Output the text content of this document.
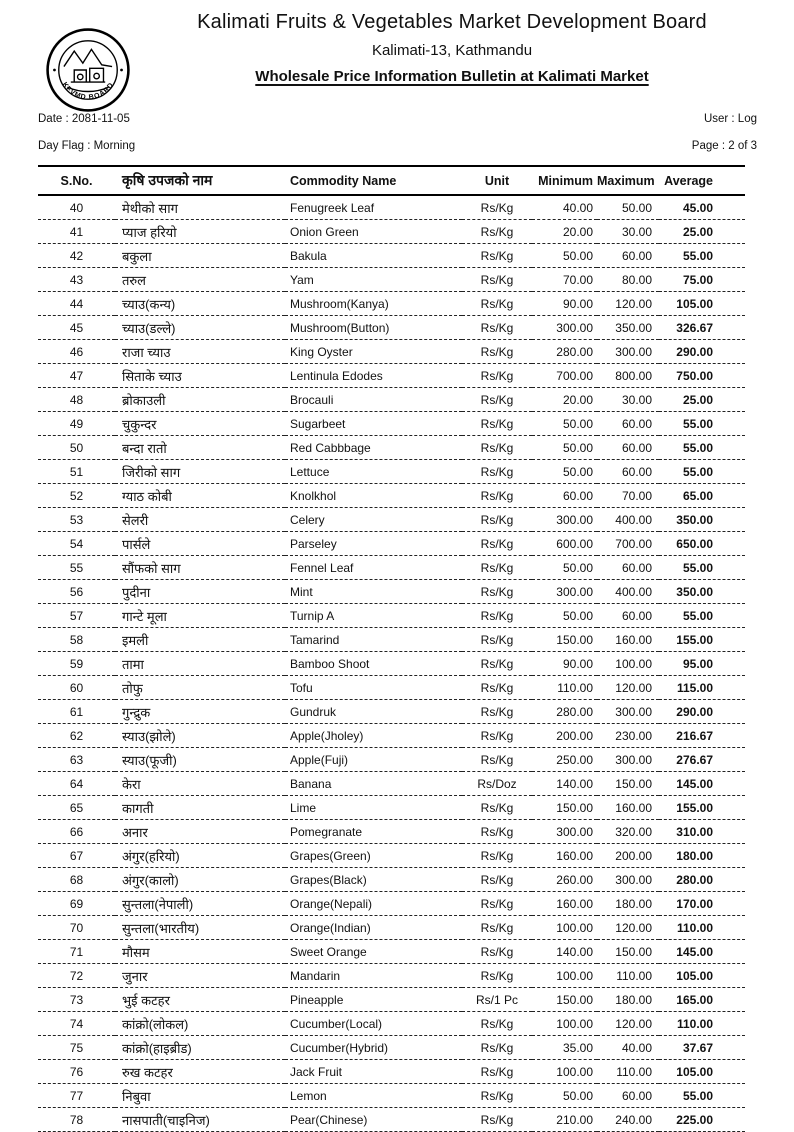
KFVMD BOARD
Kalimati Fruits & Vegetables Market Development Board
Kalimati-13, Kathmandu
Wholesale Price Information Bulletin at Kalimati Market
Date : 2081-11-05	User : Log
Day Flag : Morning	Page : 2 of 3
S.No.	कृषि उपजको नाम	Commodity Name	Unit	Minimum	Maximum	Average
40	मेथीको साग	Fenugreek Leaf	Rs/Kg	40.00	50.00	45.00
41	प्याज हरियो	Onion Green	Rs/Kg	20.00	30.00	25.00
42	बकुला	Bakula	Rs/Kg	50.00	60.00	55.00
43	तरुल	Yam	Rs/Kg	70.00	80.00	75.00
44	च्याउ(कन्य)	Mushroom(Kanya)	Rs/Kg	90.00	120.00	105.00
45	च्याउ(डल्ले)	Mushroom(Button)	Rs/Kg	300.00	350.00	326.67
46	राजा च्याउ	King Oyster	Rs/Kg	280.00	300.00	290.00
47	सिताके च्याउ	Lentinula Edodes	Rs/Kg	700.00	800.00	750.00
48	ब्रोकाउली	Brocauli	Rs/Kg	20.00	30.00	25.00
49	चुकुन्दर	Sugarbeet	Rs/Kg	50.00	60.00	55.00
50	बन्दा रातो	Red Cabbbage	Rs/Kg	50.00	60.00	55.00
51	जिरीको साग	Lettuce	Rs/Kg	50.00	60.00	55.00
52	ग्याठ कोबी	Knolkhol	Rs/Kg	60.00	70.00	65.00
53	सेलरी	Celery	Rs/Kg	300.00	400.00	350.00
54	पार्सले	Parseley	Rs/Kg	600.00	700.00	650.00
55	सौंफको साग	Fennel Leaf	Rs/Kg	50.00	60.00	55.00
56	पुदीना	Mint	Rs/Kg	300.00	400.00	350.00
57	गान्टे मूला	Turnip A	Rs/Kg	50.00	60.00	55.00
58	इमली	Tamarind	Rs/Kg	150.00	160.00	155.00
59	तामा	Bamboo Shoot	Rs/Kg	90.00	100.00	95.00
60	तोफु	Tofu	Rs/Kg	110.00	120.00	115.00
61	गुन्द्रुक	Gundruk	Rs/Kg	280.00	300.00	290.00
62	स्याउ(झोले)	Apple(Jholey)	Rs/Kg	200.00	230.00	216.67
63	स्याउ(फूजी)	Apple(Fuji)	Rs/Kg	250.00	300.00	276.67
64	केरा	Banana	Rs/Doz	140.00	150.00	145.00
65	कागती	Lime	Rs/Kg	150.00	160.00	155.00
66	अनार	Pomegranate	Rs/Kg	300.00	320.00	310.00
67	अंगुर(हरियो)	Grapes(Green)	Rs/Kg	160.00	200.00	180.00
68	अंगुर(कालो)	Grapes(Black)	Rs/Kg	260.00	300.00	280.00
69	सुन्तला(नेपाली)	Orange(Nepali)	Rs/Kg	160.00	180.00	170.00
70	सुन्तला(भारतीय)	Orange(Indian)	Rs/Kg	100.00	120.00	110.00
71	मौसम	Sweet Orange	Rs/Kg	140.00	150.00	145.00
72	जुनार	Mandarin	Rs/Kg	100.00	110.00	105.00
73	भुई कटहर	Pineapple	Rs/1 Pc	150.00	180.00	165.00
74	कांक्रो(लोकल)	Cucumber(Local)	Rs/Kg	100.00	120.00	110.00
75	कांक्रो(हाइब्रीड)	Cucumber(Hybrid)	Rs/Kg	35.00	40.00	37.67
76	रुख कटहर	Jack Fruit	Rs/Kg	100.00	110.00	105.00
77	निबुवा	Lemon	Rs/Kg	50.00	60.00	55.00
78	नासपाती(चाइनिज)	Pear(Chinese)	Rs/Kg	210.00	240.00	225.00
